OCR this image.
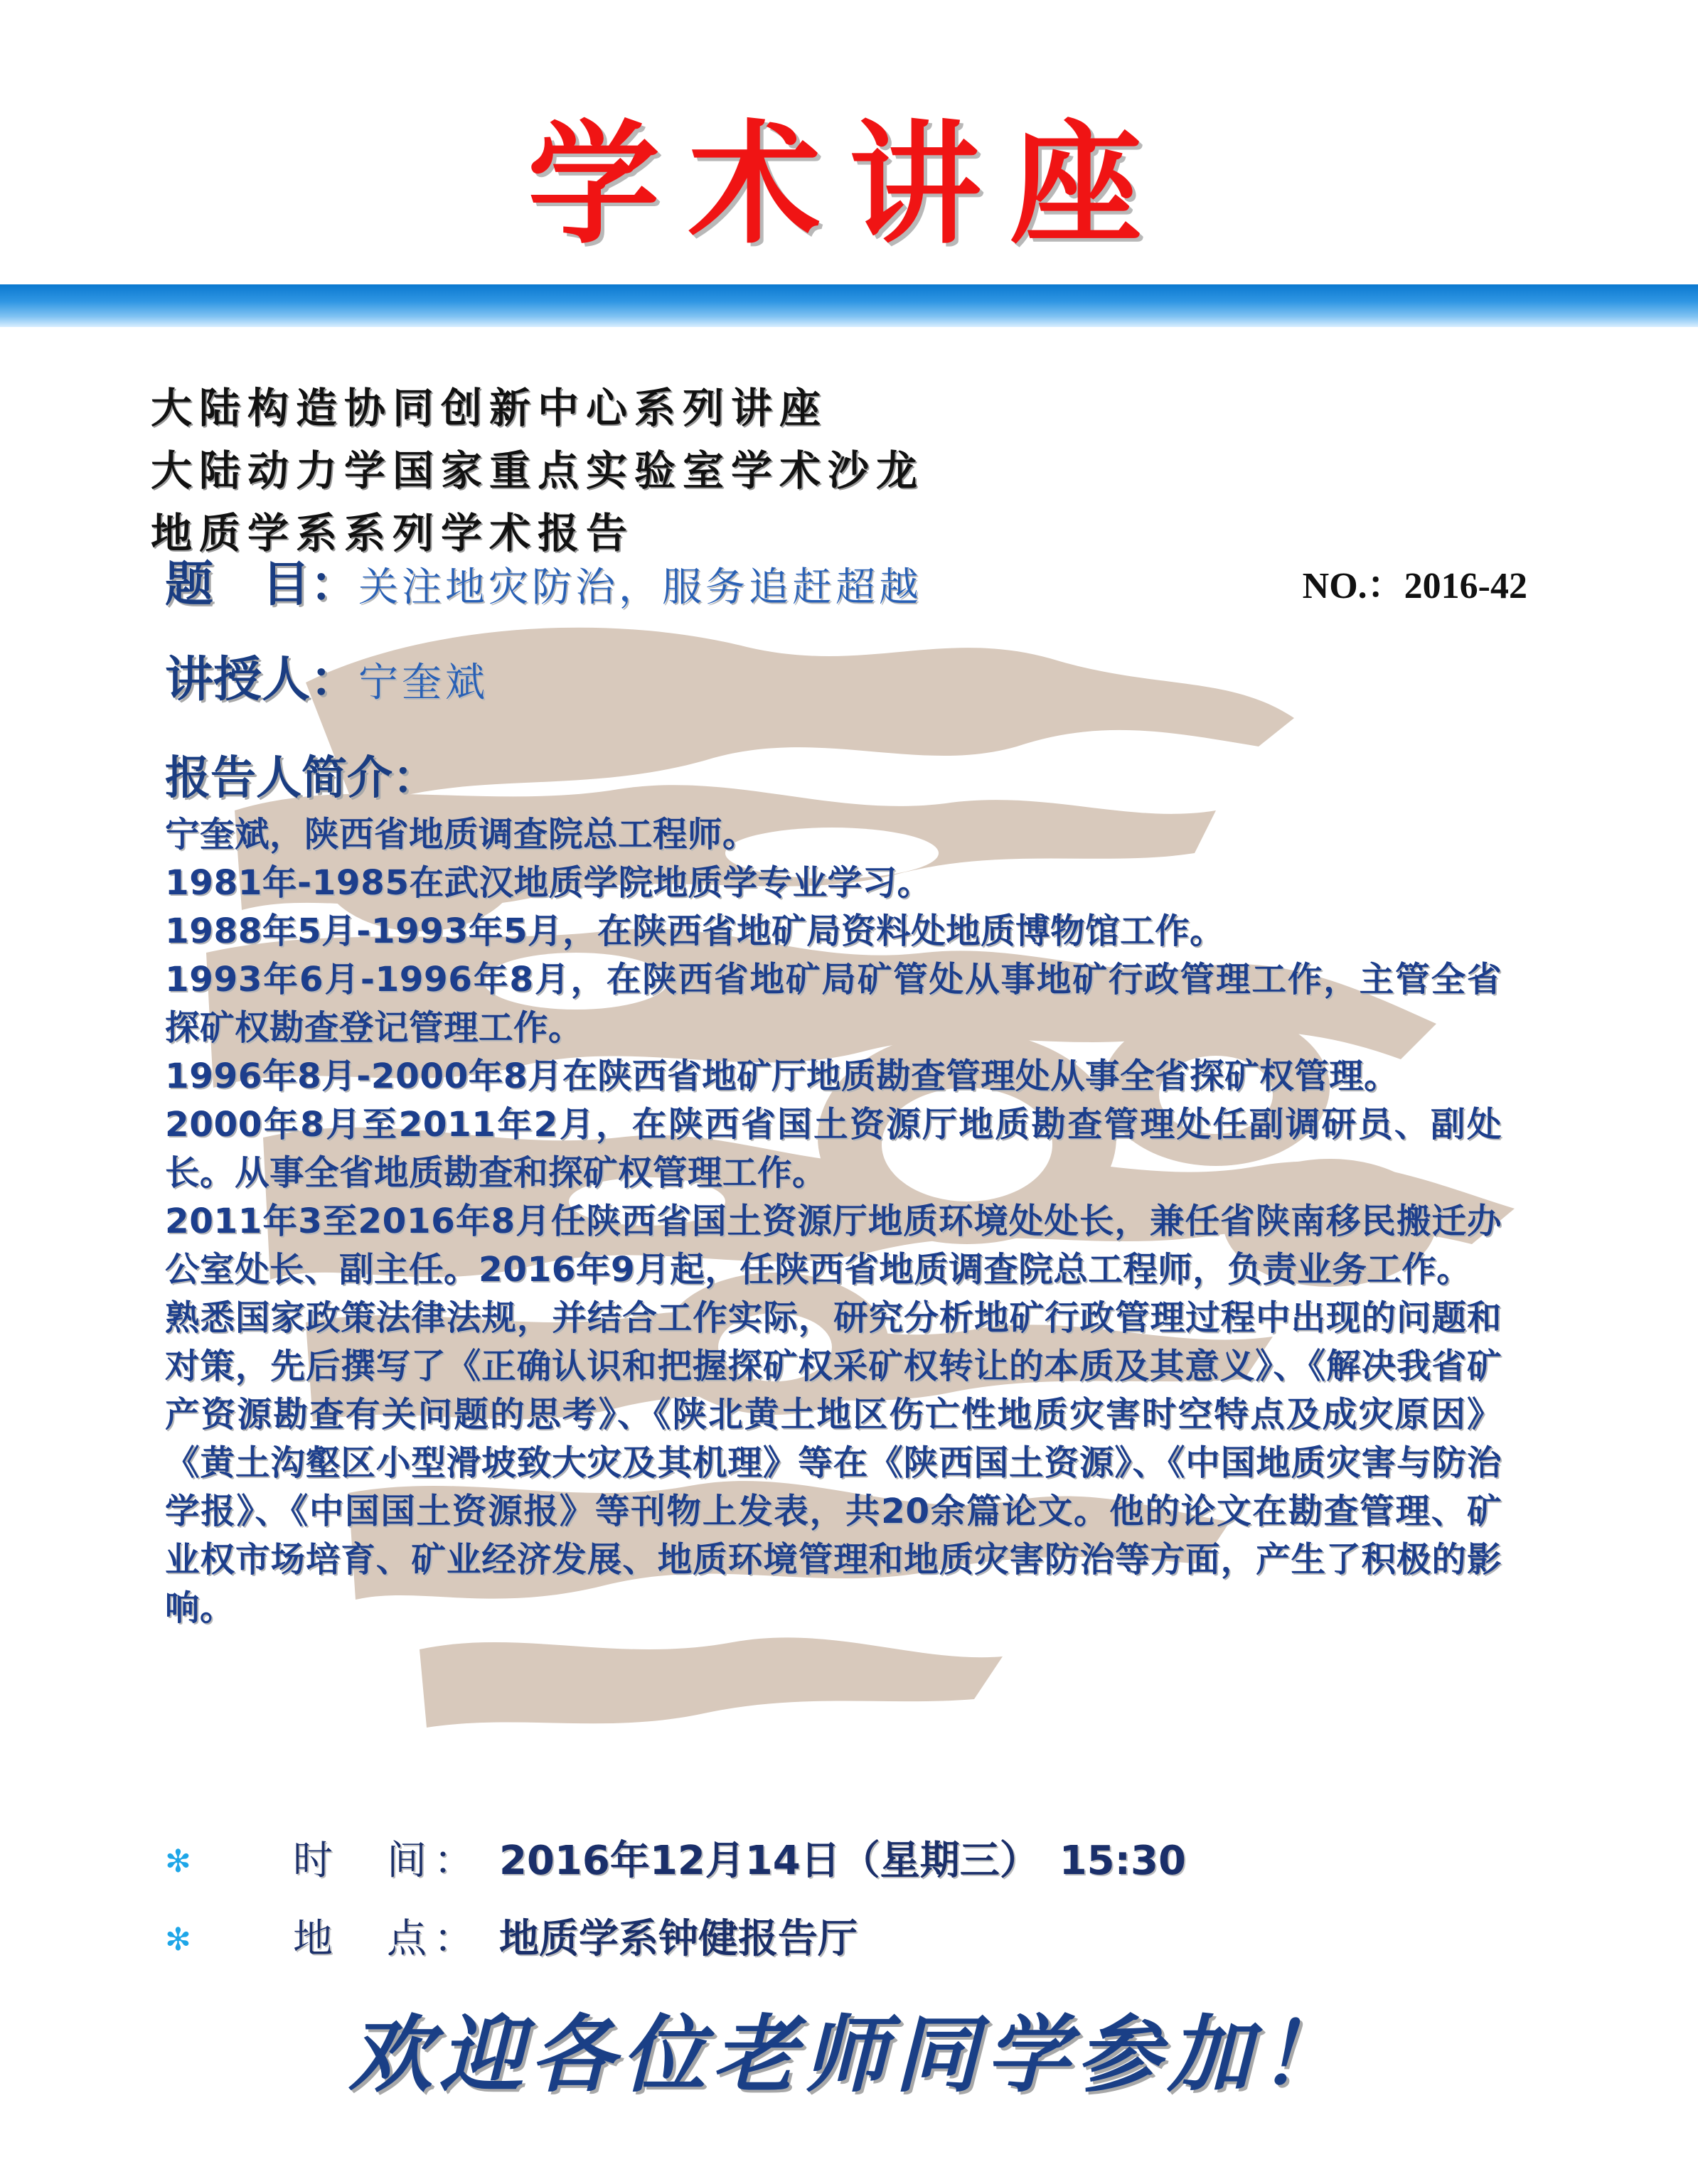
学术讲座
大陆构造协同创新中心系列讲座
大陆动力学国家重点实验室学术沙龙
地质学系系列学术报告
题　目：关注地灾防治，服务追赶超越	NO.：2016-42
讲授人：宁奎斌
报告人简介：

宁奎斌，陕西省地质调查院总工程师。

1981年-1985在武汉地质学院地质学专业学习。

1988年5月-1993年5月，在陕西省地矿局资料处地质博物馆工作。

1993年6月-1996年8月，在陕西省地矿局矿管处从事地矿行政管理工作，主管全省探矿权勘查登记管理工作。

1996年8月-2000年8月在陕西省地矿厅地质勘查管理处从事全省探矿权管理。

2000年8月至2011年2月，在陕西省国土资源厅地质勘查管理处任副调研员、副处长。从事全省地质勘查和探矿权管理工作。

2011年3至2016年8月任陕西省国土资源厅地质环境处处长，兼任省陕南移民搬迁办公室处长、副主任。2016年9月起，任陕西省地质调查院总工程师，负责业务工作。

熟悉国家政策法律法规，并结合工作实际，研究分析地矿行政管理过程中出现的问题和对策，先后撰写了《正确认识和把握探矿权采矿权转让的本质及其意义》、《解决我省矿产资源勘查有关问题的思考》、《陕北黄土地区伤亡性地质灾害时空特点及成灾原因》《黄土沟壑区小型滑坡致大灾及其机理》等在《陕西国土资源》、《中国地质灾害与防治学报》、《中国国土资源报》等刊物上发表，共20余篇论文。他的论文在勘查管理、矿业权市场培育、矿业经济发展、地质环境管理和地质灾害防治等方面，产生了积极的影响。

✻	时　间： 2016年12月14日（星期三）　15:30
✻	地　点： 地质学系钟健报告厅
欢迎各位老师同学参加！
